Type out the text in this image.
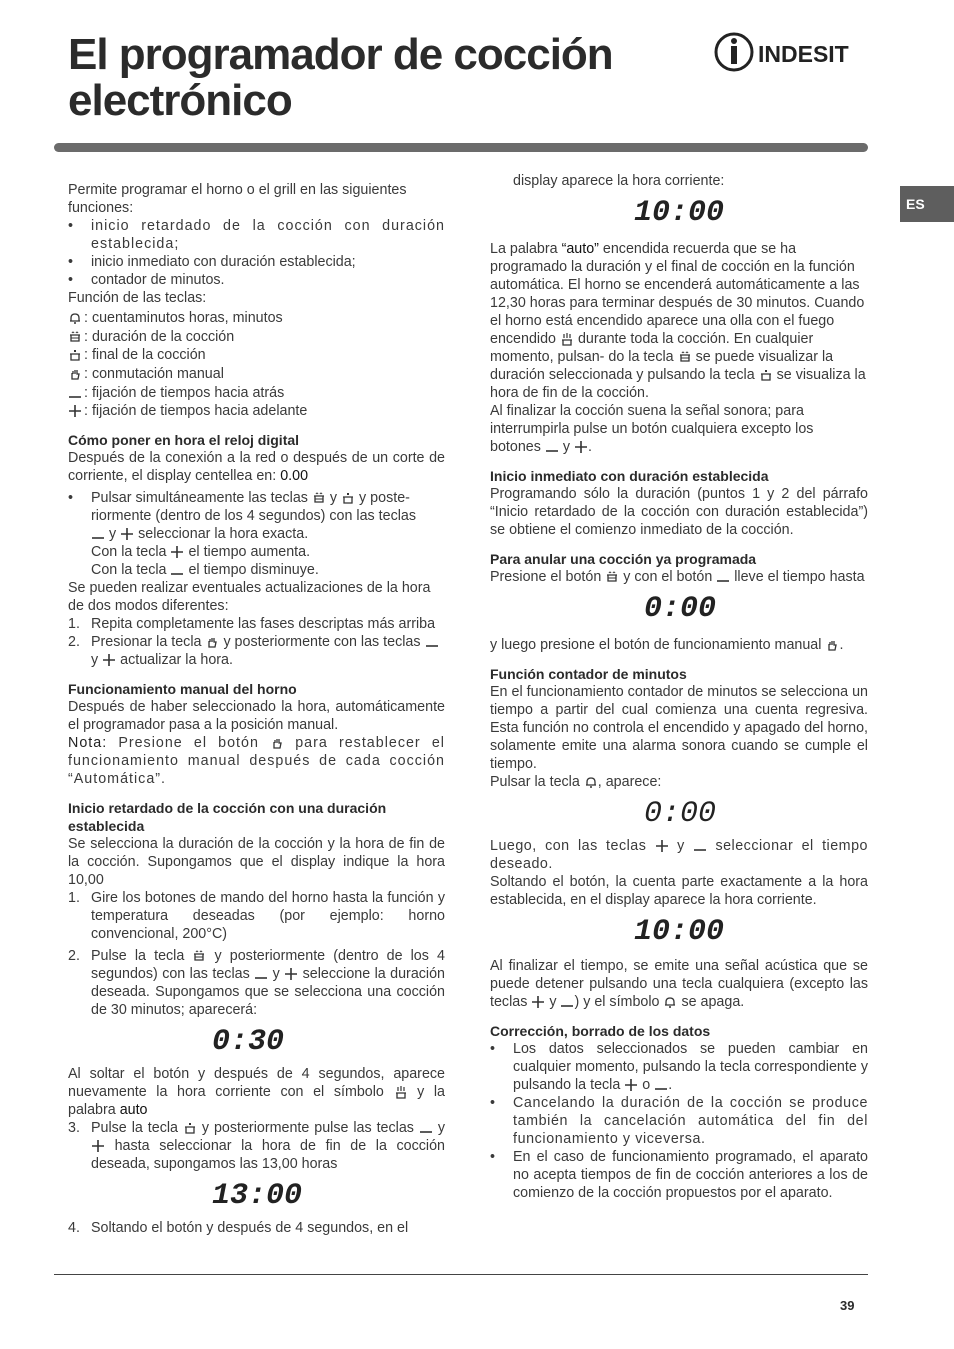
El programador de cocción
electrónico
INDESIT
ES

Permite programar el horno o el grill en las siguientes funciones:

•	inicio retardado de la cocción con duración establecida;
•	inicio inmediato con duración establecida;
•	contador de minutos.

Función de las teclas:

: cuentaminutos horas, minutos
: duración de la cocción
: final de la cocción
: conmutación manual
: fijación de tiempos hacia atrás
: fijación de tiempos hacia adelante
Cómo poner en hora el reloj digital

Después de la conexión a la red o después de un corte de corriente, el display centellea en: 0.00

•	Pulsar simultáneamente las teclas y y poste- riormente (dentro de los 4 segundos) con las teclas
y seleccionar la hora exacta.
Con la tecla el tiempo aumenta.
Con la tecla el tiempo disminuye.

Se pueden realizar eventuales actualizaciones de la hora de dos modos diferentes:

1. Repita completamente las fases descriptas más arriba
2. Presionar la tecla y posteriormente con las teclas
y actualizar la hora.
Funcionamiento manual del horno

Después de haber seleccionado la hora, automáticamente el programador pasa a la posición manual.

Nota: Presione el botón	para restablecer el funcionamiento manual después de cada cocción “Automática”.

Inicio retardado de la cocción con una duración establecida

Se selecciona la duración de la cocción y la hora de fin de la cocción. Supongamos que el display indique la hora 10,00

1. Gire los botones de mando del horno hasta la función y temperatura deseadas (por ejemplo: horno convencional, 200°C)
2. Pulse la tecla y posteriormente (dentro de los 4 segundos) con las teclas y seleccione la duración deseada. Supongamos que se selecciona una cocción de 30 minutos; aparecerá:
0:30

Al soltar el botón y después de 4 segundos, aparece nuevamente la hora corriente con el símbolo y la palabra auto

3. Pulse la tecla y posteriormente pulse las teclas y  hasta seleccionar la hora de fin de la cocción deseada, supongamos las 13,00 horas
13:00
4. Soltando el botón y después de 4 segundos, en el

display aparece la hora corriente:

10:00

La palabra “auto” encendida recuerda que se ha programado la duración y el final de cocción en la función automática. El horno se encenderá automáticamente a las 12,30 horas para terminar después de 30 minutos. Cuando el horno está encendido aparece una olla con el fuego encendido durante toda la cocción. En cualquier momento, pulsan- do la tecla se puede visualizar la duración seleccionada y pulsando la tecla se visualiza la hora de fin de la cocción.

Al finalizar la cocción suena la señal sonora; para interrumpirla pulse un botón cualquiera excepto los botones y .

Inicio inmediato con duración establecida

Programando sólo la duración (puntos 1 y 2 del párrafo “Inicio retardado de la cocción con duración establecida”) se obtiene el comienzo inmediato de la cocción.

Para anular una cocción ya programada

Presione el botón y con el botón lleve el tiempo hasta

0:00

y luego presione el botón de funcionamiento manual .

Función contador de minutos

En el funcionamiento contador de minutos se selecciona un tiempo a partir del cual comienza una cuenta regresiva. Esta función no controla el encendido y apagado del horno, solamente emite una alarma sonora cuando se cumple el tiempo.

Pulsar la tecla , aparece:

0:00

Luego, con las teclas y seleccionar el tiempo deseado.

Soltando el botón, la cuenta parte exactamente a la hora establecida, en el display aparece la hora corriente.

10:00

Al finalizar el tiempo, se emite una señal acústica que se puede detener pulsando una tecla cualquiera (excepto las teclas y ) y el símbolo se apaga.

Corrección, borrado de los datos
•	Los datos seleccionados se pueden cambiar en cualquier momento, pulsando la tecla correspondiente y pulsando la tecla o .
•	Cancelando la duración de la cocción se produce también la cancelación automática del fin del funcionamiento y viceversa.
•	En el caso de funcionamiento programado, el aparato no acepta tiempos de fin de cocción anteriores a los de comienzo de la cocción propuestos por el aparato.
39
